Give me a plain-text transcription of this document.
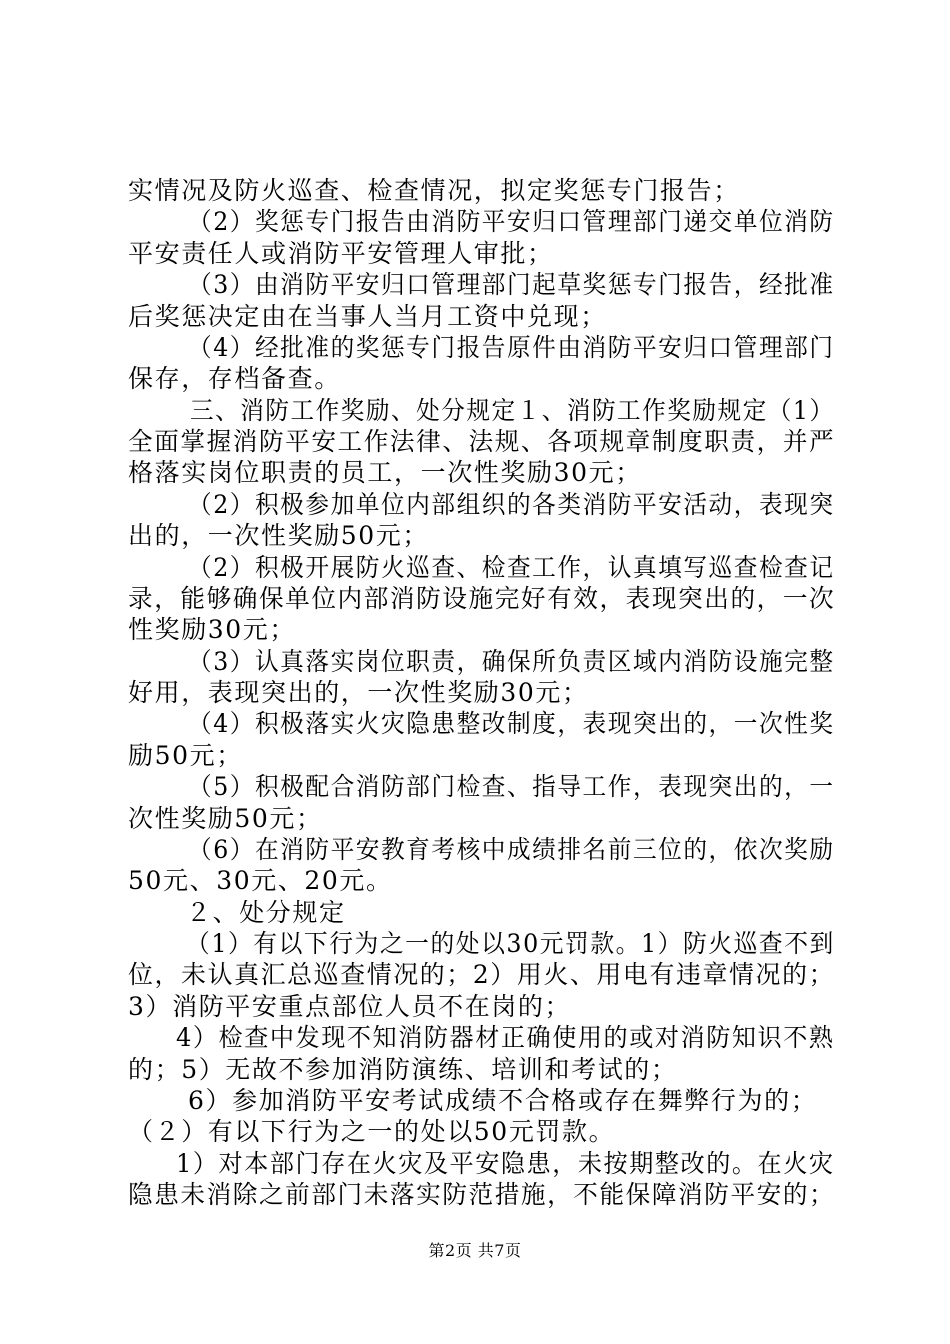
实情况及防火巡查、检查情况，拟定奖惩专门报告；

（2）奖惩专门报告由消防平安归口管理部门递交单位消防

平安责任人或消防平安管理人审批；

（3）由消防平安归口管理部门起草奖惩专门报告，经批准

后奖惩决定由在当事人当月工资中兑现；

（4）经批准的奖惩专门报告原件由消防平安归口管理部门

保存，存档备查。

三、消防工作奖励、处分规定１、消防工作奖励规定（1）

全面掌握消防平安工作法律、法规、各项规章制度职责，并严

格落实岗位职责的员工，一次性奖励30元；

（2）积极参加单位内部组织的各类消防平安活动，表现突

出的，一次性奖励50元；

（2）积极开展防火巡查、检查工作，认真填写巡查检查记

录，能够确保单位内部消防设施完好有效，表现突出的，一次

性奖励30元；

（3）认真落实岗位职责，确保所负责区域内消防设施完整

好用，表现突出的，一次性奖励30元；

（4）积极落实火灾隐患整改制度，表现突出的，一次性奖

励50元；

（5）积极配合消防部门检查、指导工作，表现突出的，一

次性奖励50元；

（6）在消防平安教育考核中成绩排名前三位的，依次奖励

50元、30元、20元。

２、处分规定

（1）有以下行为之一的处以30元罚款。1）防火巡查不到

位，未认真汇总巡查情况的；2）用火、用电有违章情况的；

3）消防平安重点部位人员不在岗的；

4）检查中发现不知消防器材正确使用的或对消防知识不熟

的；5）无故不参加消防演练、培训和考试的；

6）参加消防平安考试成绩不合格或存在舞弊行为的；

（２）有以下行为之一的处以50元罚款。

1）对本部门存在火灾及平安隐患，未按期整改的。在火灾

隐患未消除之前部门未落实防范措施，不能保障消防平安的；

第2页 共7页
